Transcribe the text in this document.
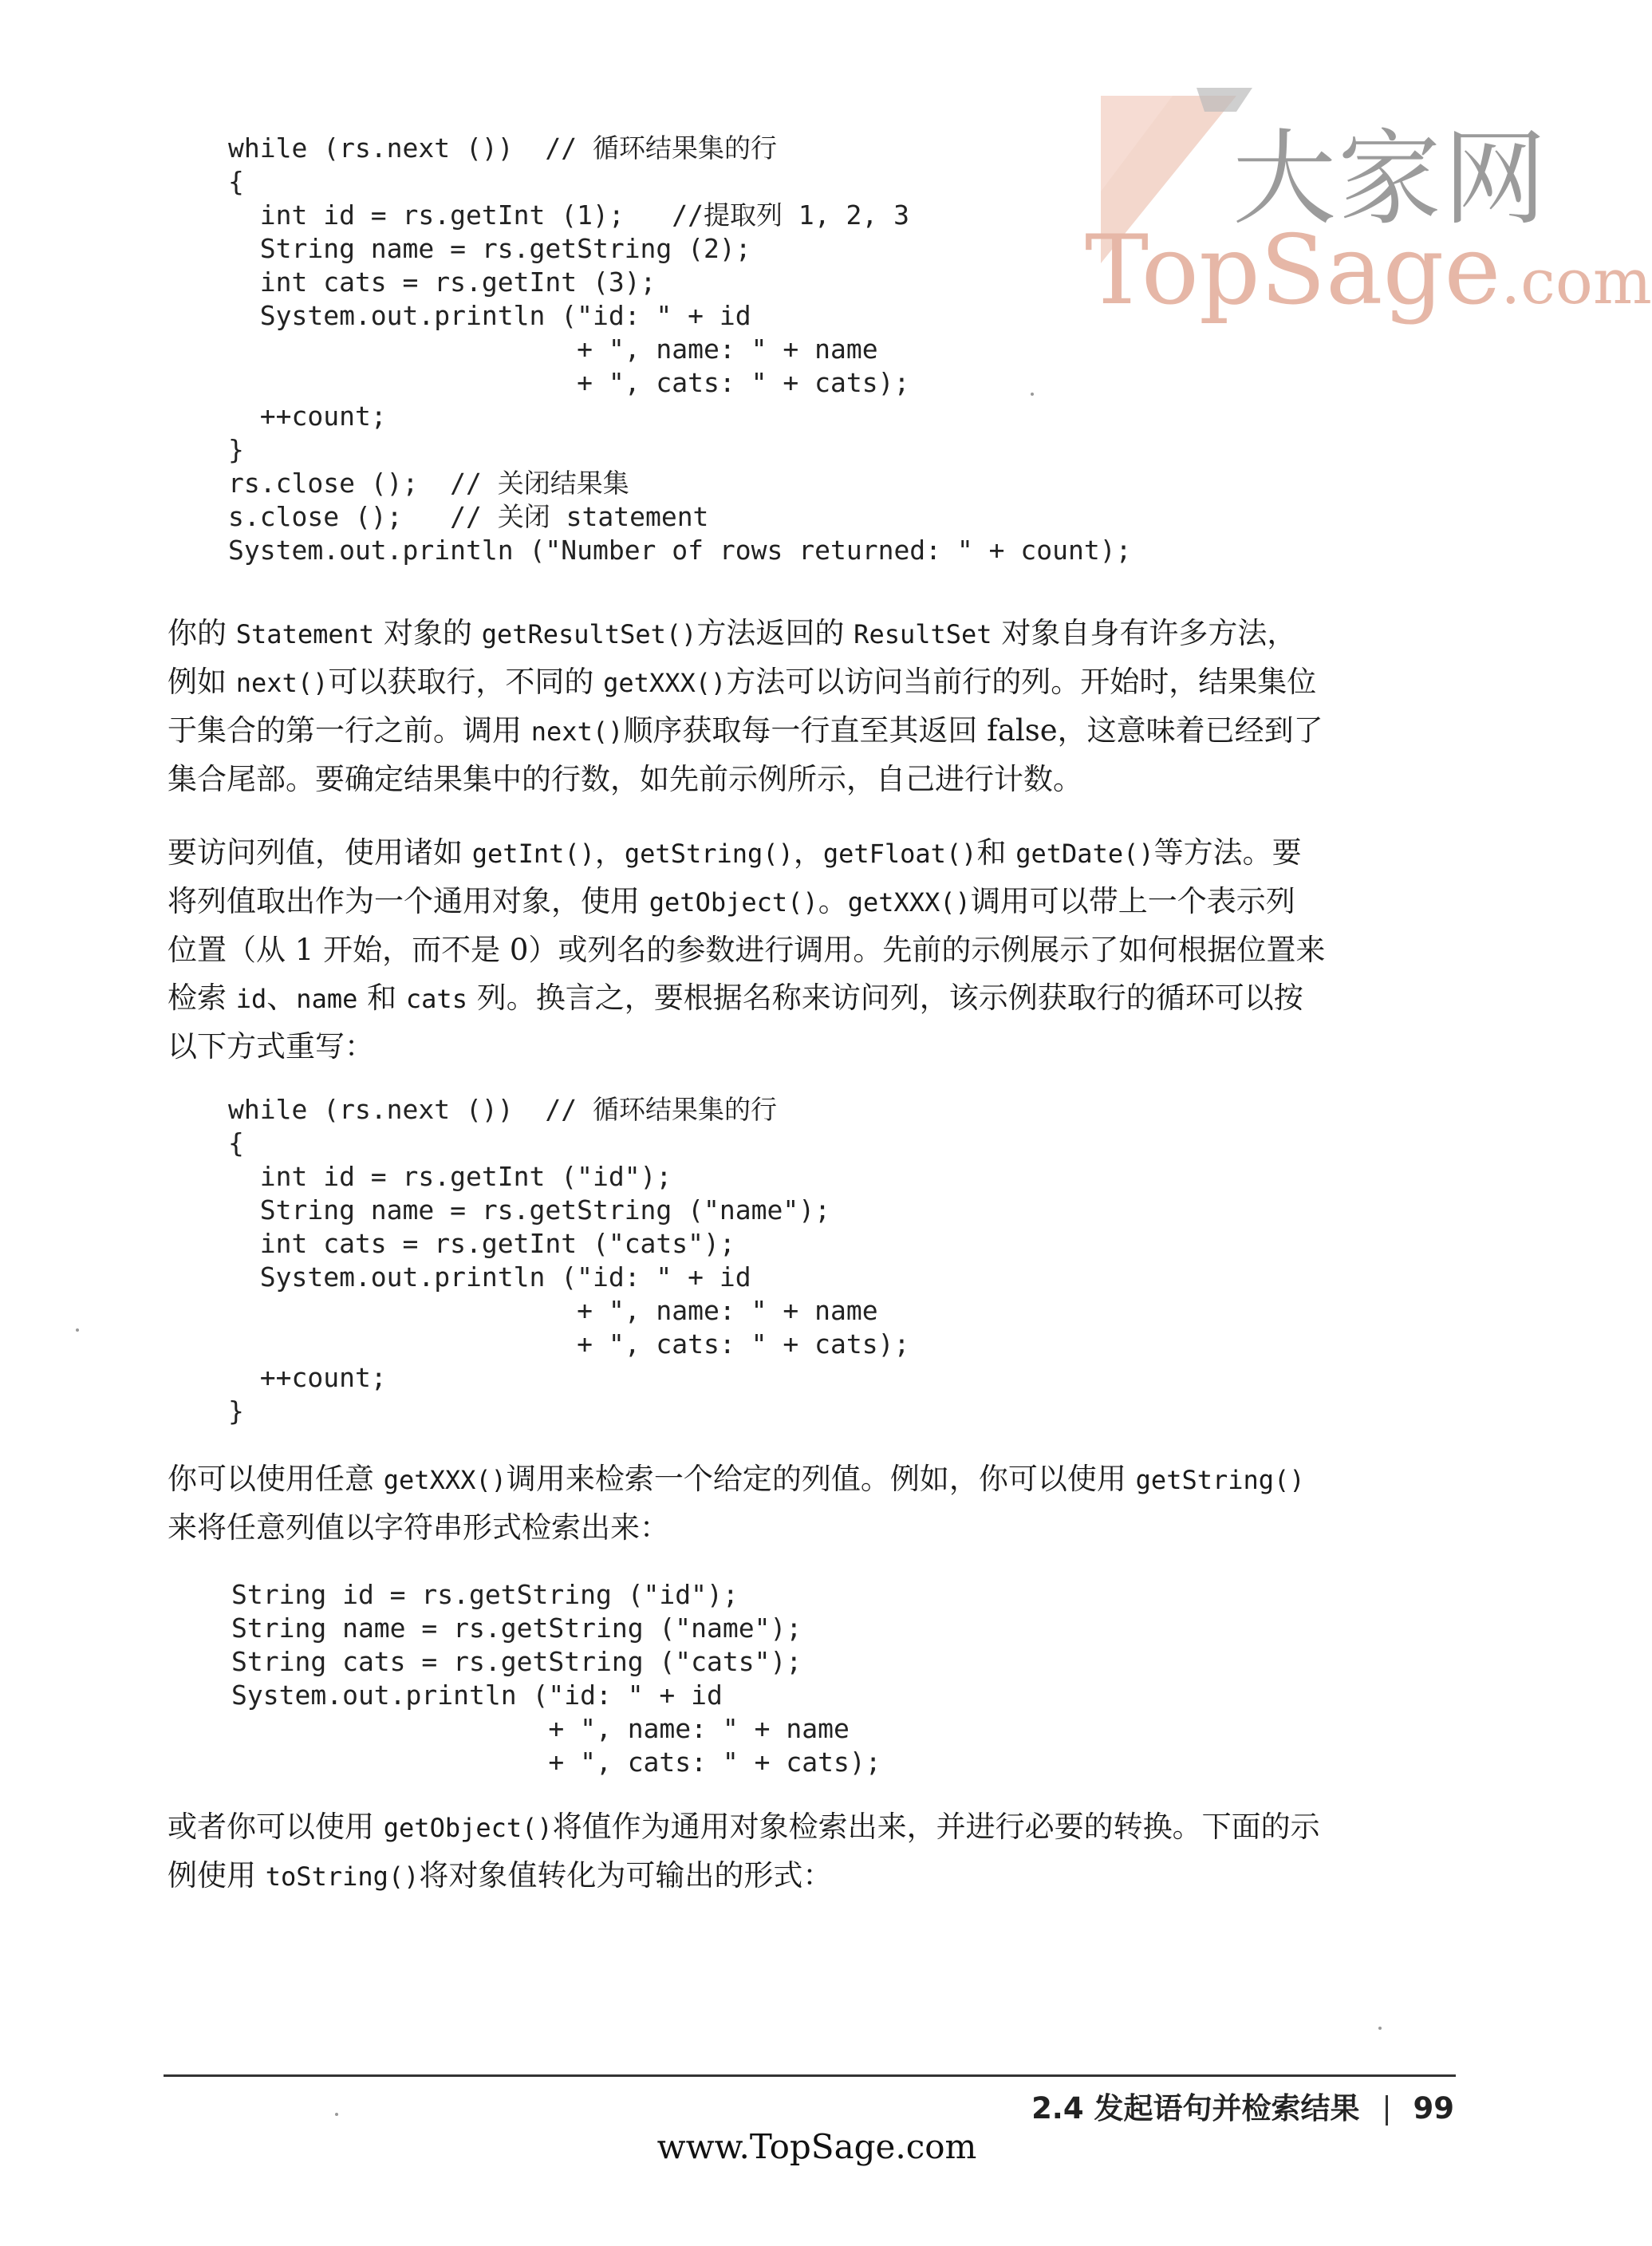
大家网
TopSage.com
while (rs.next ())  // 循环结果集的行
{
int id = rs.getInt (1);   //提取列 1, 2, 3
String name = rs.getString (2);
int cats = rs.getInt (3);
System.out.println ("id: " + id
+ ", name: " + name
+ ", cats: " + cats);
++count;
}
rs.close ();  // 关闭结果集
s.close ();   // 关闭 statement
System.out.println ("Number of rows returned: " + count);

你的 Statement 对象的 getResultSet()方法返回的 ResultSet 对象自身有许多方法，
例如 next()可以获取行，不同的 getXXX()方法可以访问当前行的列。开始时，结果集位
于集合的第一行之前。调用 next()顺序获取每一行直至其返回 false，这意味着已经到了
集合尾部。要确定结果集中的行数，如先前示例所示，自己进行计数。

要访问列值，使用诸如 getInt()，getString()，getFloat()和 getDate()等方法。要
将列值取出作为一个通用对象，使用 getObject()。getXXX()调用可以带上一个表示列
位置（从 1 开始，而不是 0）或列名的参数进行调用。先前的示例展示了如何根据位置来
检索 id、name 和 cats 列。换言之，要根据名称来访问列，该示例获取行的循环可以按
以下方式重写：

while (rs.next ())  // 循环结果集的行
{
int id = rs.getInt ("id");
String name = rs.getString ("name");
int cats = rs.getInt ("cats");
System.out.println ("id: " + id
+ ", name: " + name
+ ", cats: " + cats);
++count;
}

你可以使用任意 getXXX()调用来检索一个给定的列值。例如，你可以使用 getString()
来将任意列值以字符串形式检索出来：

String id = rs.getString ("id");
String name = rs.getString ("name");
String cats = rs.getString ("cats");
System.out.println ("id: " + id
+ ", name: " + name
+ ", cats: " + cats);

或者你可以使用 getObject()将值作为通用对象检索出来，并进行必要的转换。下面的示
例使用 toString()将对象值转化为可输出的形式：

2.4 发起语句并检索结果 99
www.TopSage.com
